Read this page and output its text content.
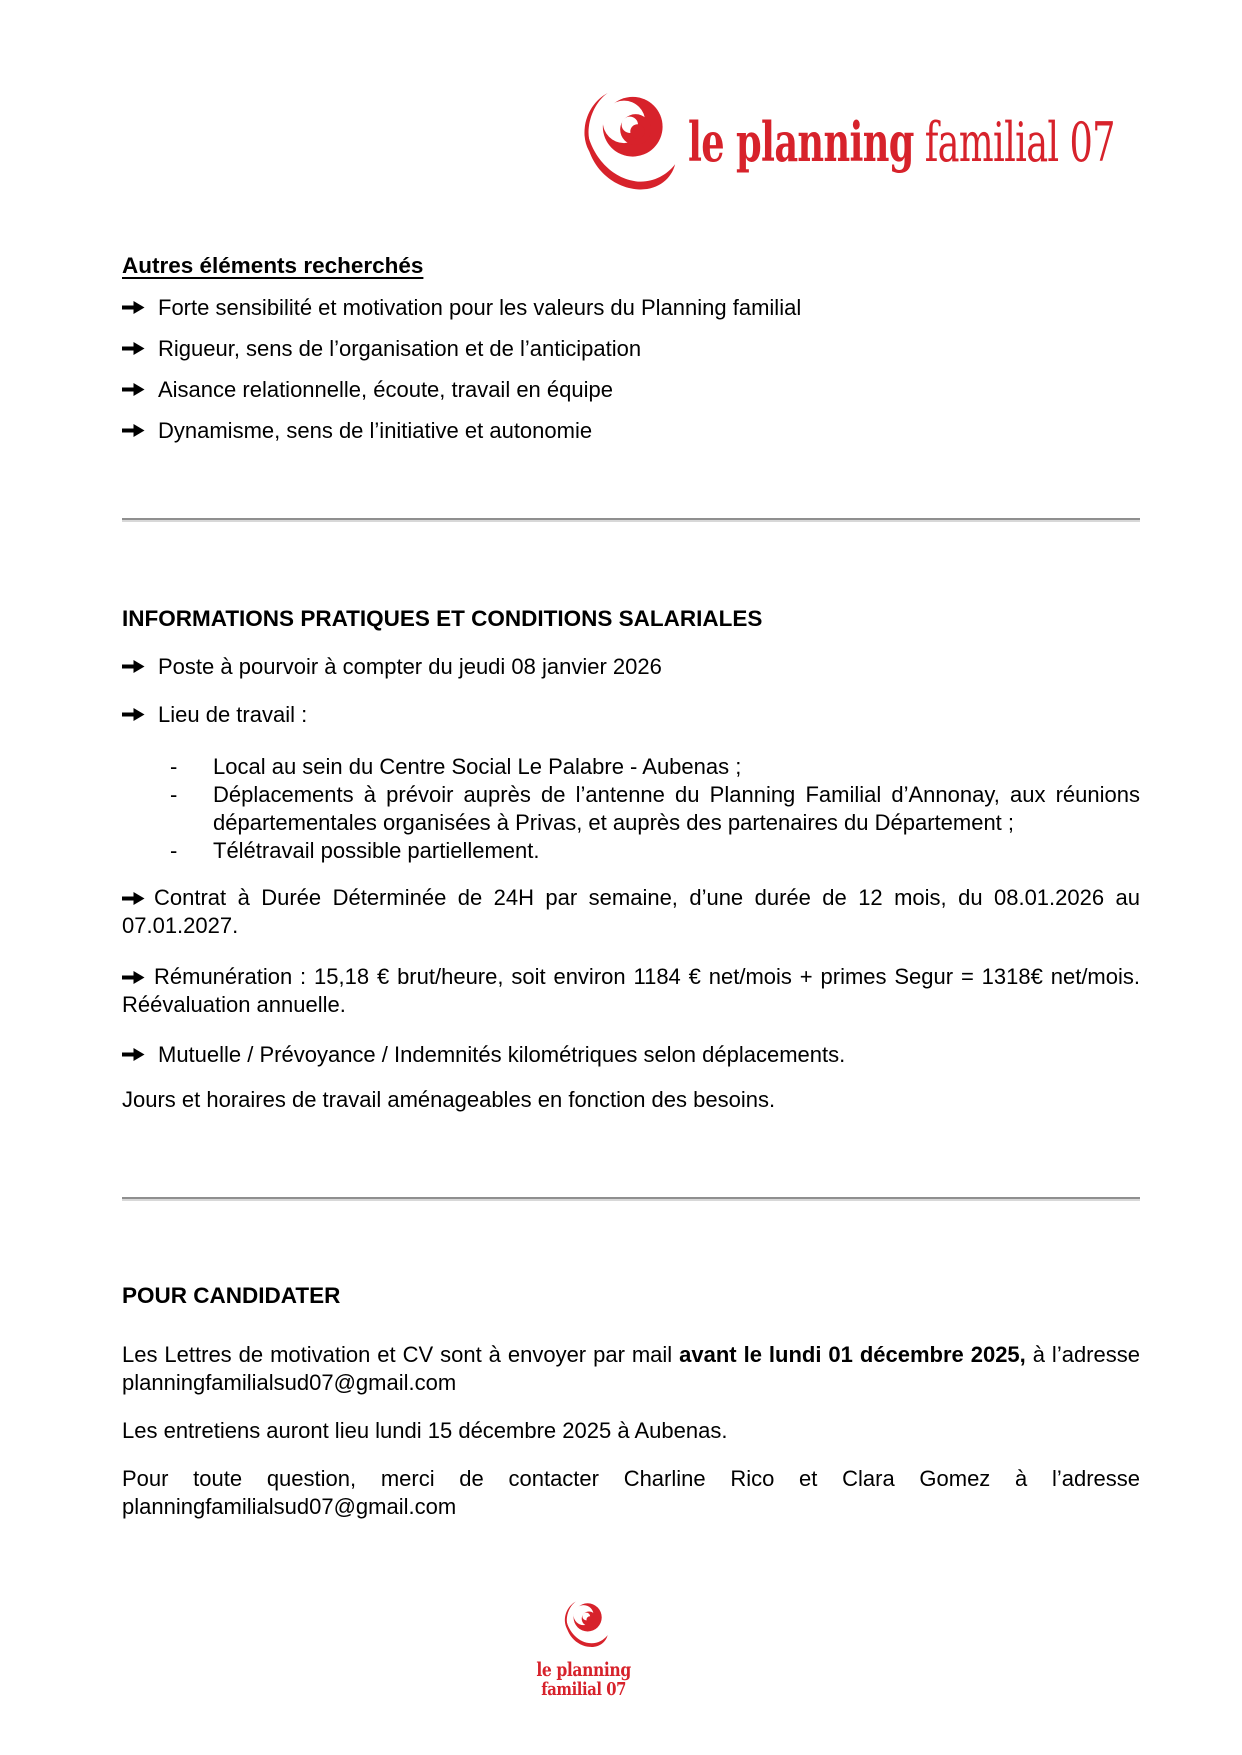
le planning familial 07
Autres éléments recherchés
Forte sensibilité et motivation pour les valeurs du Planning familial
Rigueur, sens de l’organisation et de l’anticipation
Aisance relationnelle, écoute, travail en équipe
Dynamisme, sens de l’initiative et autonomie
INFORMATIONS PRATIQUES ET CONDITIONS SALARIALES
Poste à pourvoir à compter du jeudi 08 janvier 2026
Lieu de travail :
-	Local au sein du Centre Social Le Palabre - Aubenas ;
-	Déplacements à prévoir auprès de l’antenne du Planning Familial d’Annonay, aux réunions départementales organisées à Privas, et auprès des partenaires du Département ;
-	Télétravail possible partiellement.

Contrat à Durée Déterminée de 24H par semaine, d’une durée de 12 mois, du 08.01.2026 au 07.01.2027.

Rémunération : 15,18 € brut/heure, soit environ 1184 € net/mois + primes Segur = 1318€ net/mois. Réévaluation annuelle.

Mutuelle / Prévoyance / Indemnités kilométriques selon déplacements.

Jours et horaires de travail aménageables en fonction des besoins.

POUR CANDIDATER

Les Lettres de motivation et CV sont à envoyer par mail avant le lundi 01 décembre 2025, à l’adresse planningfamilialsud07@gmail.com

Les entretiens auront lieu lundi 15 décembre 2025 à Aubenas.

Pour toute question, merci de contacter Charline Rico et Clara Gomez à l’adresse planningfamilialsud07@gmail.com

le planning
familial 07
